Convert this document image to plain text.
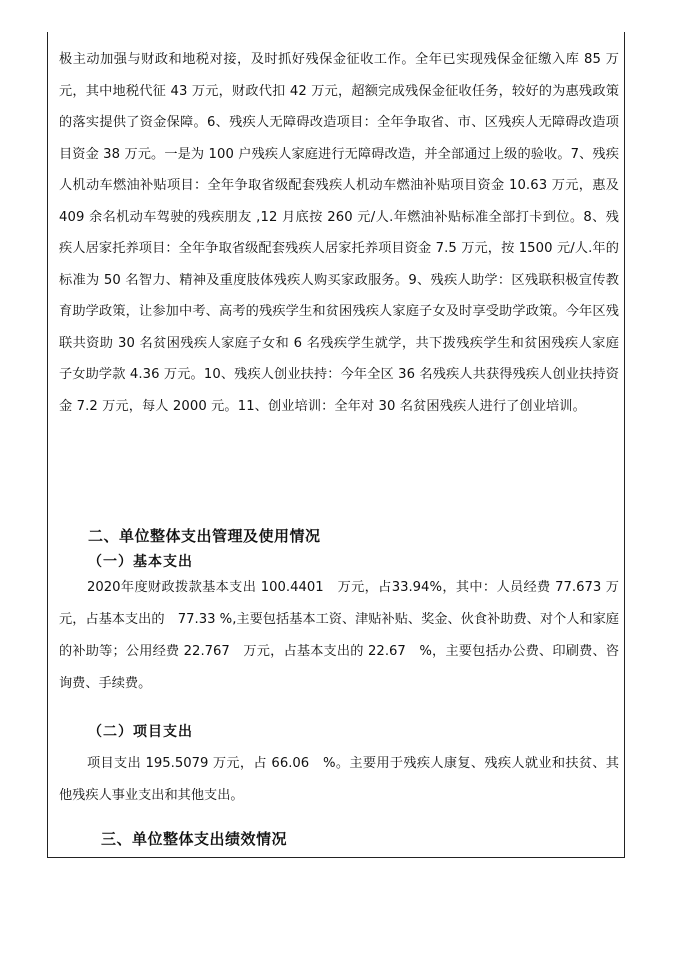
极主动加强与财政和地税对接，及时抓好残保金征收工作。全年已实现残保金征缴入库 85 万元，其中地税代征 43 万元，财政代扣 42 万元，超额完成残保金征收任务，较好的为惠残政策的落实提供了资金保障。6、残疾人无障碍改造项目：全年争取省、市、区残疾人无障碍改造项目资金 38 万元。一是为 100 户残疾人家庭进行无障碍改造，并全部通过上级的验收。7、残疾人机动车燃油补贴项目：全年争取省级配套残疾人机动车燃油补贴项目资金 10.63 万元，惠及 409 余名机动车驾驶的残疾朋友 ,12 月底按 260 元/人.年燃油补贴标准全部打卡到位。8、残疾人居家托养项目：全年争取省级配套残疾人居家托养项目资金 7.5 万元，按 1500 元/人.年的标准为 50 名智力、精神及重度肢体残疾人购买家政服务。9、残疾人助学：区残联积极宣传教育助学政策，让参加中考、高考的残疾学生和贫困残疾人家庭子女及时享受助学政策。今年区残联共资助 30 名贫困残疾人家庭子女和 6 名残疾学生就学，共下拨残疾学生和贫困残疾人家庭子女助学款 4.36 万元。10、残疾人创业扶持：今年全区 36 名残疾人共获得残疾人创业扶持资金 7.2 万元，每人 2000 元。11、创业培训：全年对 30 名贫困残疾人进行了创业培训。

二、单位整体支出管理及使用情况
（一）基本支出

2020年度财政拨款基本支出 100.4401　万元，占33.94%，其中：人员经费 77.673 万元，占基本支出的　77.33 %,主要包括基本工资、津贴补贴、奖金、伙食补助费、对个人和家庭的补助等；公用经费 22.767　万元，占基本支出的 22.67　%，主要包括办公费、印刷费、咨询费、手续费。

（二）项目支出

项目支出 195.5079 万元，占 66.06　%。主要用于残疾人康复、残疾人就业和扶贫、其他残疾人事业支出和其他支出。

三、单位整体支出绩效情况
